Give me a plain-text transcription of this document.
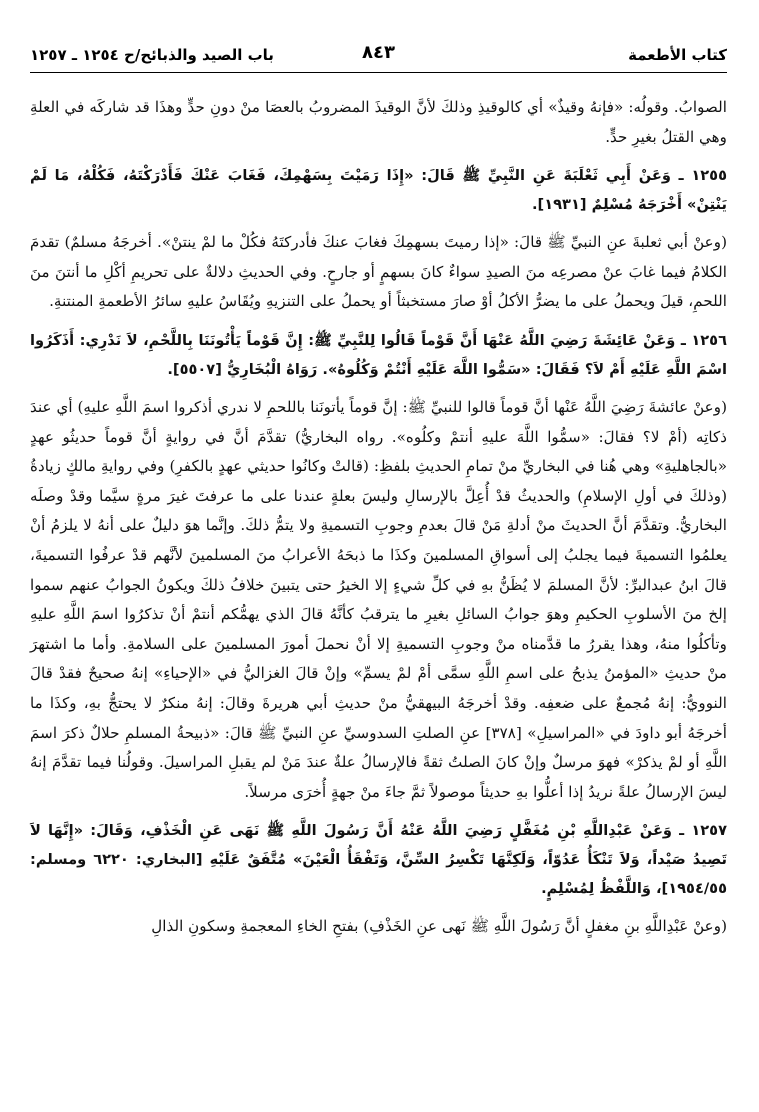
كتاب الأطعمة
٨٤٣
باب الصيد والذبائح/ح ١٢٥٤ ـ ١٢٥٧

الصوابُ. وقولُه: «فإنهُ وقيذٌ» أي كالوقيذِ وذلكَ لأنَّ الوقيذَ المضروبُ بالعصَا منْ دونِ حدٍّ وهذَا قد شاركَه في العلةِ وهي القتلُ بغيرِ حدٍّ.

١٢٥٥ ـ وَعَنْ أَبِي ثَعْلَبَةَ عَنِ النَّبِيِّ ﷺ قَالَ: «إِذَا رَمَيْتَ بِسَهْمِكَ، فَغَابَ عَنْكَ فَأَدْرَكْتَهُ، فَكُلْهُ، مَا لَمْ يَنْتِنْ» أَخْرَجَهُ مُسْلِمٌ [١٩٣١].

(وعنْ أبي ثعلبةَ عنِ النبيِّ ﷺ قالَ: «إذا رميتَ بسهمِكَ فغابَ عنكَ فأدركتَهُ فكُلْ ما لمْ ينتنْ». أخرجَهُ مسلمٌ) تقدمَ الكلامُ فيما غابَ عنْ مصرعِه منَ الصيدِ سواءٌ كانَ بسهمٍ أو جارحٍ. وفي الحديثِ دلالةٌ على تحريمِ أكْلِ ما أنتنَ منَ اللحمِ، قيلَ ويحملُ على ما يضرُّ الأكلُ أوْ صارَ مستخبثاً أو يحملُ على التنزيهِ ويُقَاسُ عليهِ سائرُ الأطعمةِ المنتنةِ.

١٢٥٦ ـ وَعَنْ عَائِشَةَ رَضِيَ اللَّهُ عَنْهَا أَنَّ قَوْماً قَالُوا لِلنَّبِيِّ ﷺ: إِنَّ قَوْماً يَأْتُونَنَا بِاللَّحْمِ، لاَ نَدْرِي: أَذَكَرُوا اسْمَ اللَّهِ عَلَيْهِ أَمْ لاَ؟ فَقَالَ: «سَمُّوا اللَّهَ عَلَيْهِ أَنْتُمْ وَكُلُوهُ». رَوَاهُ الْبُخَارِيُّ [٥٥٠٧].

(وعنْ عائشةَ رَضِيَ اللَّهُ عَنْها أنَّ قوماً قالوا للنبيِّ ﷺ: إنَّ قوماً يأتونَنا باللحمِ لا ندري أذكروا اسمَ اللَّهِ عليهِ) أي عندَ ذكاتِه (أمْ لا؟ فقالَ: «سمُّوا اللَّهَ عليهِ أنتمْ وكلُوه». رواه البخاريُّ) تقدَّمَ أنَّ في روايةٍ أنَّ قوماً حديثُو عهدٍ «بالجاهليةِ» وهي هُنا في البخاريِّ منْ تمامِ الحديثِ بلفظِ: (قالتْ وكانُوا حديثي عهدٍ بالكفرِ) وفي روايةِ مالكٍ زيادةُ (وذلكَ في أولِ الإسلامِ) والحديثُ قدْ أُعِلَّ بالإرسالِ وليسَ بعلةٍ عندنا على ما عرفتَ غيرَ مرةٍ سيَّما وقدْ وصلَه البخاريُّ. وتقدَّمَ أنَّ الحديثَ منْ أدلةِ مَنْ قالَ بعدمِ وجوبِ التسميةِ ولا يتمُّ ذلكَ. وإنَّما هوَ دليلٌ على أنهُ لا يلزمُ أنْ يعلمُوا التسميةَ فيما يجلبُ إلى أسواقِ المسلمينَ وكذَا ما ذبحَهُ الأعرابُ منَ المسلمينَ لأنَّهم قدْ عرفُوا التسميةَ، قالَ ابنُ عبدالبرِّ: لأنَّ المسلمَ لا يُظَنُّ بهِ في كلِّ شيءٍ إلا الخيرُ حتى يتبينَ خلافُ ذلكَ ويكونُ الجوابُ عنهم سموا إلخ منَ الأسلوبِ الحكيمِ وهوَ جوابُ السائلِ بغيرِ ما يترقبُ كأنَّهُ قالَ الذي يهمُّكم أنتمْ أنْ تذكرُوا اسمَ اللَّهِ عليهِ وتأكلُوا منهُ، وهذا يقررُ ما قدَّمناه منْ وجوبِ التسميةِ إلا أنْ نحملَ أمورَ المسلمينَ على السلامةِ. وأما ما اشتهرَ منْ حديثِ «المؤمنُ يذبحُ على اسمِ اللَّهِ سمَّى أمْ لمْ يسمِّ» وإنْ قالَ الغزاليُّ في «الإحياءِ» إنهُ صحيحٌ فقدْ قالَ النوويُّ: إنهُ مُجمعٌ على ضعفِه. وقدْ أخرجَهُ البيهقيُّ منْ حديثِ أبي هريرةَ وقالَ: إنهُ منكرٌ لا يحتجُّ بهِ، وكذَا ما أخرجَهُ أبو داودَ في «المراسيلِ» [٣٧٨] عنِ الصلتِ السدوسيِّ عنِ النبيِّ ﷺ قالَ: «ذبيحةُ المسلمِ حلالٌ ذكرَ اسمَ اللَّهِ أو لمْ يذكرْ» فهوَ مرسلٌ وإنْ كانَ الصلتُ ثقةً فالإرسالُ علةٌ عندَ مَنْ لم يقبلِ المراسيلَ. وقولُنا فيما تقدَّمَ إنهُ ليسَ الإرسالُ علةً نريدُ إذا أعلُّوا بهِ حديثاً موصولاً ثمَّ جاءَ منْ جهةٍ أُخرَى مرسلاً.

١٢٥٧ ـ وَعَنْ عَبْدِاللَّهِ بْنِ مُغَفَّلٍ رَضِيَ اللَّهُ عَنْهُ أَنَّ رَسُولَ اللَّهِ ﷺ نَهَى عَنِ الْخَذْفِ، وَقَالَ: «إِنَّهَا لاَ تَصِيدُ صَيْداً، وَلاَ تَنْكَأُ عَدُوّاً، وَلَكِنَّهَا تَكْسِرُ السِّنَّ، وَتَفْقَأُ الْعَيْنَ» مُتَّفَقٌ عَلَيْهِ [البخاري: ٦٢٢٠ ومسلم: ١٩٥٤/٥٥]، وَاللَّفْظُ لِمُسْلِمٍ.

(وعنْ عَبْدِاللَّهِ بنِ مغفلٍ أنَّ رَسُولَ اللَّهِ ﷺ نَهى عنِ الخَذْفِ) بفتحِ الخاءِ المعجمةِ وسكونِ الذالِ
